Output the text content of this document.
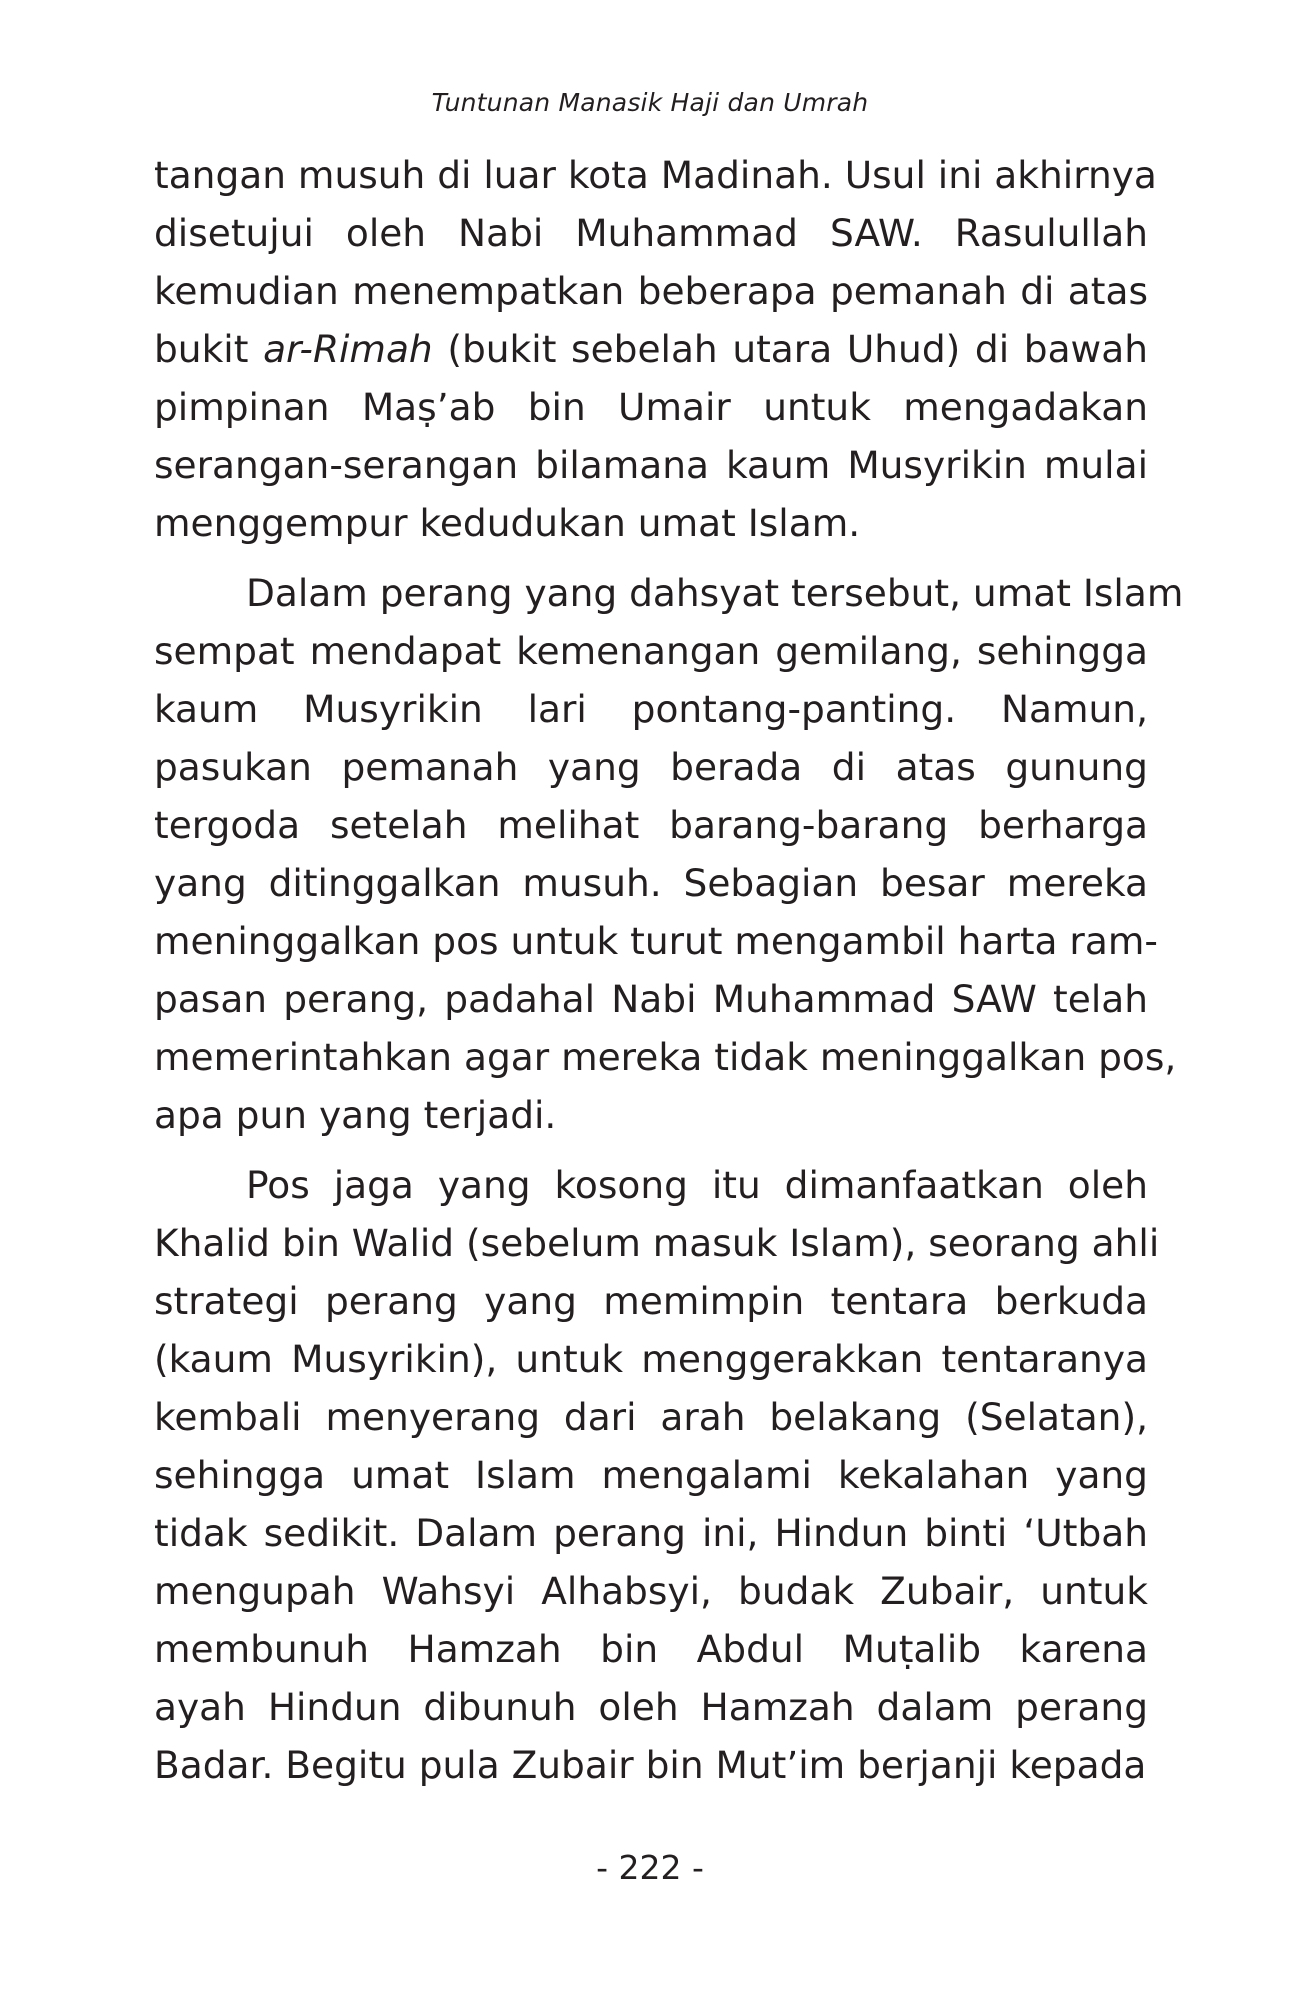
Tuntunan Manasik Haji dan Umrah
tangan musuh di luar kota Madinah. Usul ini akhirnya
disetujui oleh Nabi Muhammad SAW. Rasulullah
kemudian menempatkan beberapa pemanah di atas
bukit ar-Rimah (bukit sebelah utara Uhud) di bawah
pimpinan Maṣ’ab bin Umair untuk mengadakan
serangan-serangan bilamana kaum Musyrikin mulai
menggempur kedudukan umat Islam.
Dalam perang yang dahsyat tersebut, umat Islam
sempat mendapat kemenangan gemilang, sehingga
kaum Musyrikin lari pontang-panting. Namun,
pasukan pemanah yang berada di atas gunung
tergoda setelah melihat barang-barang berharga
yang ditinggalkan musuh. Sebagian besar mereka
meninggalkan pos untuk turut mengambil harta ram-
pasan perang, padahal Nabi Muhammad SAW telah
memerintahkan agar mereka tidak meninggalkan pos,
apa pun yang terjadi.
Pos jaga yang kosong itu dimanfaatkan oleh
Khalid bin Walid (sebelum masuk Islam), seorang ahli
strategi perang yang memimpin tentara berkuda
(kaum Musyrikin), untuk menggerakkan tentaranya
kembali menyerang dari arah belakang (Selatan),
sehingga umat Islam mengalami kekalahan yang
tidak sedikit. Dalam perang ini, Hindun binti ‘Utbah
mengupah Wahsyi Alhabsyi, budak Zubair, untuk
membunuh Hamzah bin Abdul Muṭalib karena
ayah Hindun dibunuh oleh Hamzah dalam perang
Badar. Begitu pula Zubair bin Mut’im berjanji kepada
- 222 -
